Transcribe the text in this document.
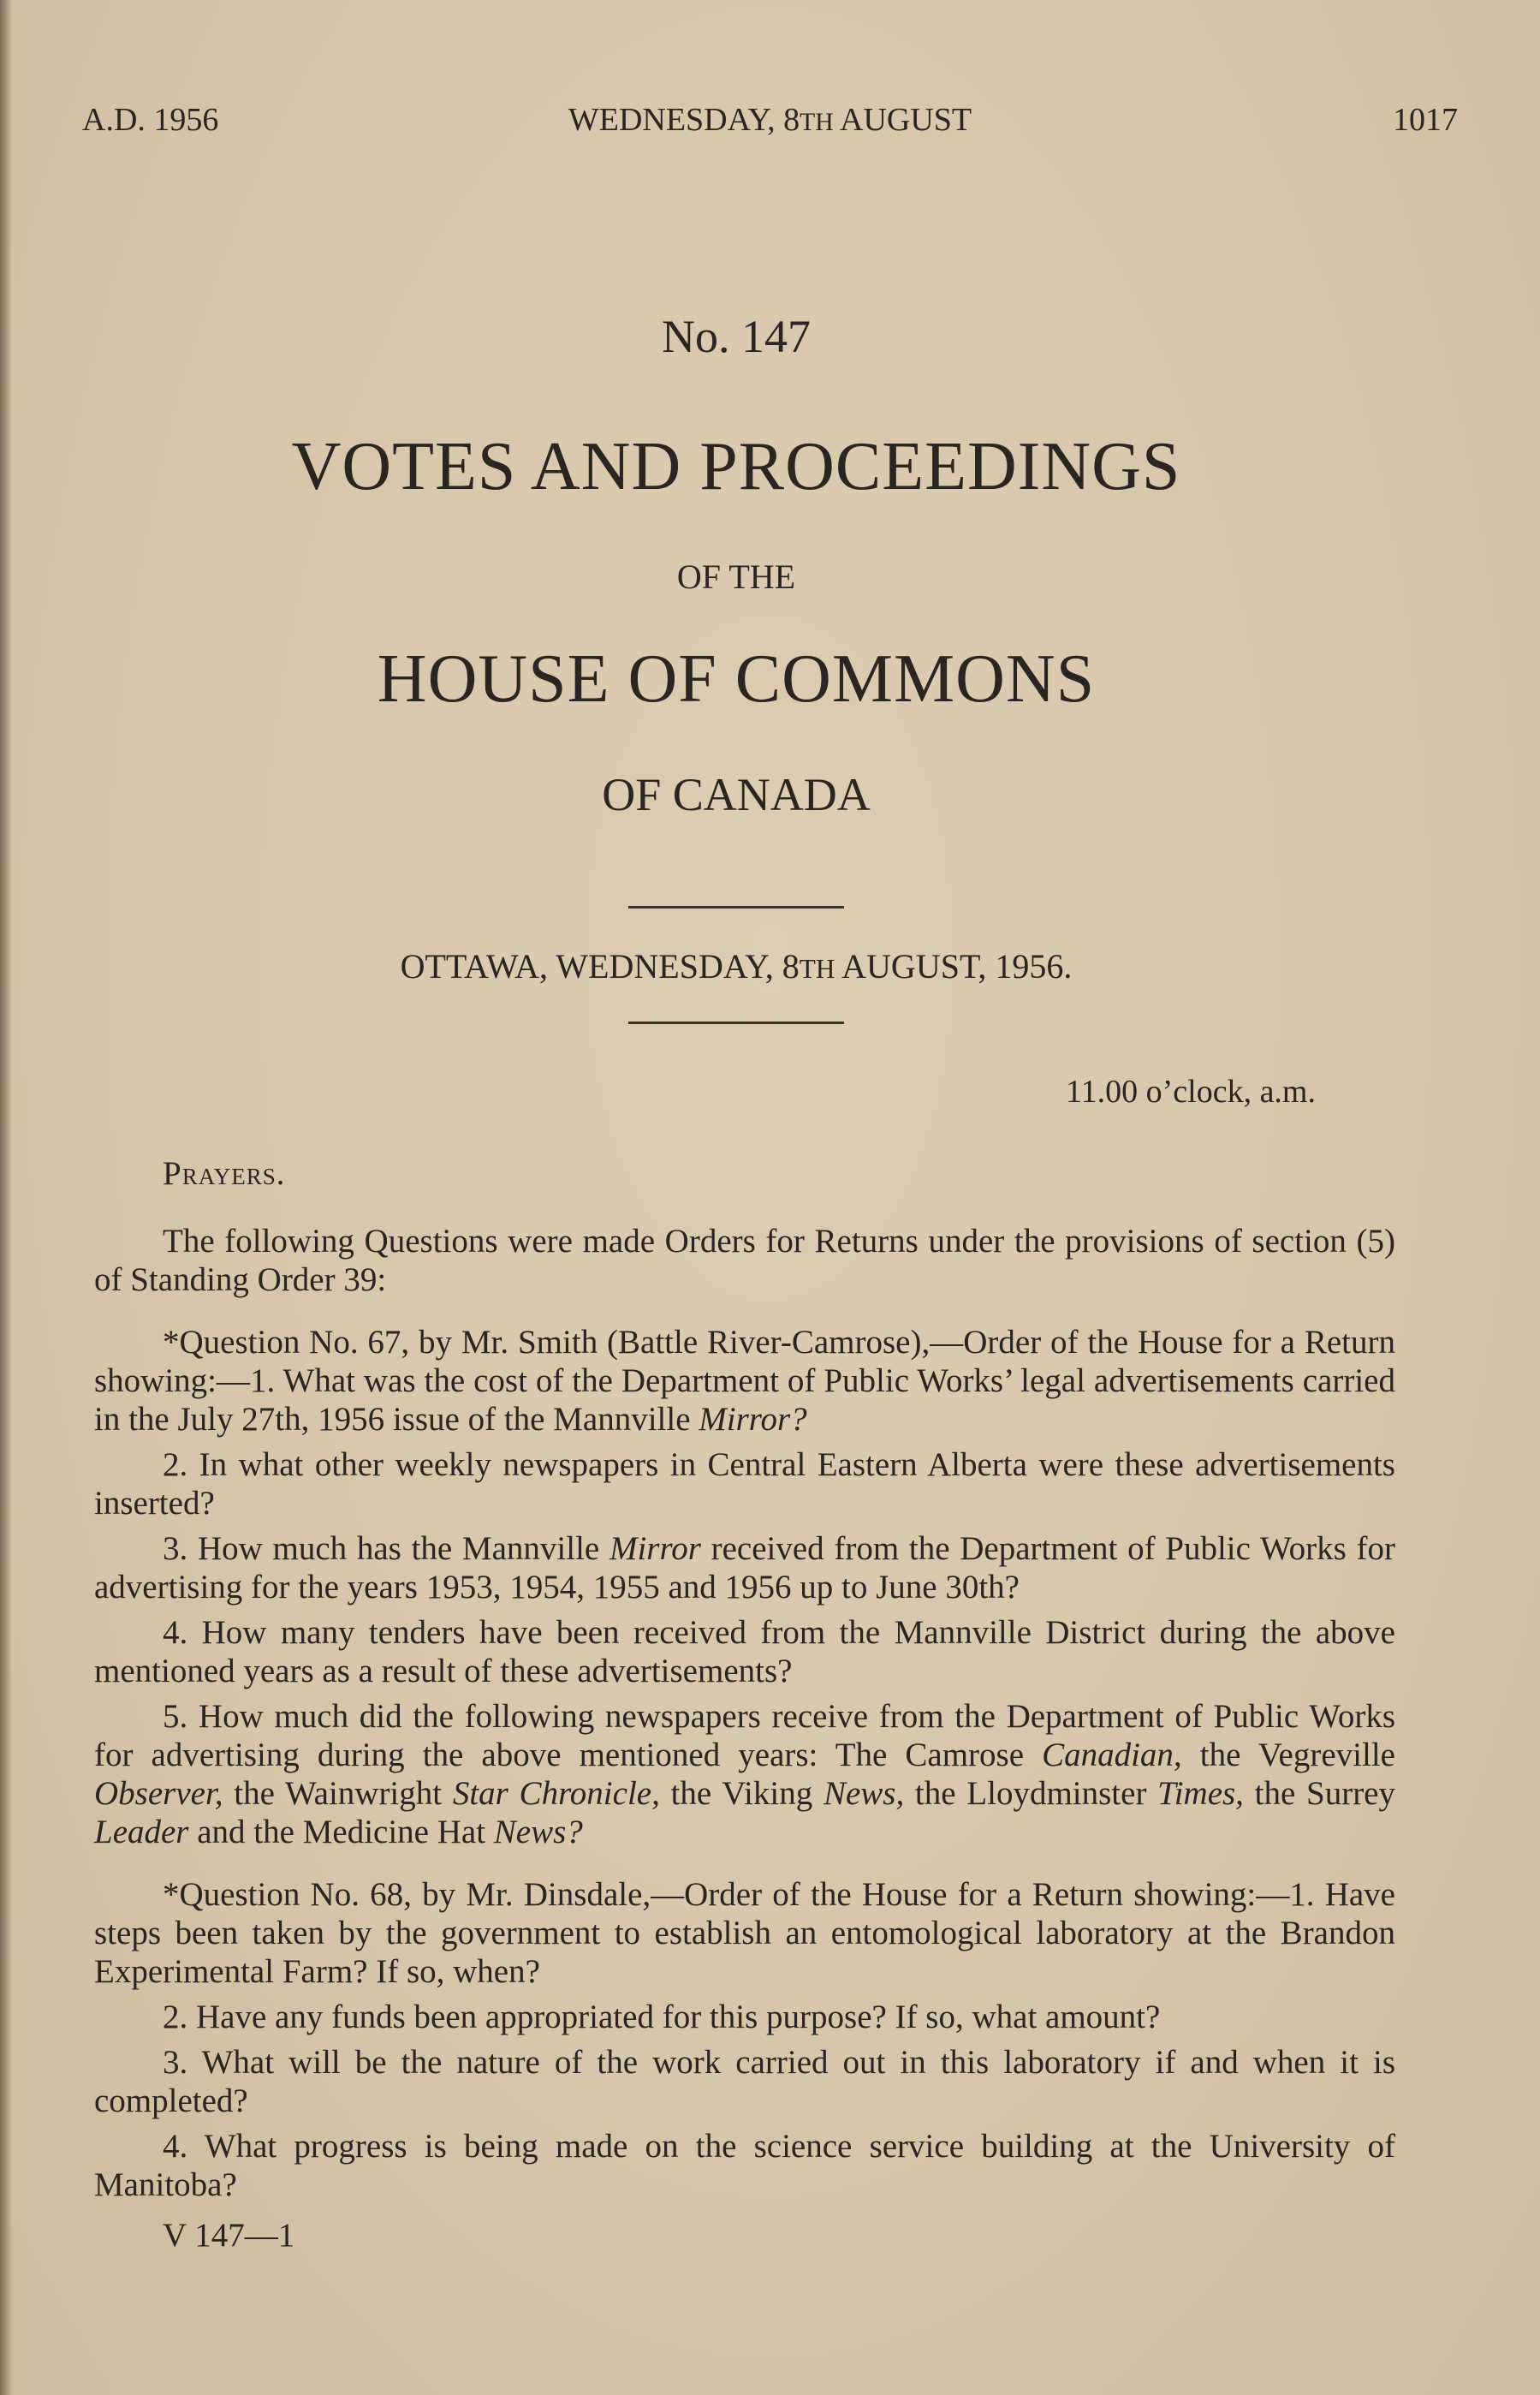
A.D. 1956	WEDNESDAY, 8TH AUGUST	1017
No. 147
VOTES AND PROCEEDINGS
OF THE
HOUSE OF COMMONS
OF CANADA
OTTAWA, WEDNESDAY, 8TH AUGUST, 1956.
11.00 o’clock, a.m.

Prayers.

The following Questions were made Orders for Returns under the provisions of section (5) of Standing Order 39:

*Question No. 67, by Mr. Smith (Battle River-Camrose),—Order of the House for a Return showing:—1. What was the cost of the Department of Public Works’ legal advertisements carried in the July 27th, 1956 issue of the Mannville Mirror?

2. In what other weekly newspapers in Central Eastern Alberta were these advertisements inserted?

3. How much has the Mannville Mirror received from the Department of Public Works for advertising for the years 1953, 1954, 1955 and 1956 up to June 30th?

4. How many tenders have been received from the Mannville District during the above mentioned years as a result of these advertisements?

5. How much did the following newspapers receive from the Department of Public Works for advertising during the above mentioned years: The Camrose Canadian, the Vegreville Observer, the Wainwright Star Chronicle, the Viking News, the Lloydminster Times, the Surrey Leader and the Medicine Hat News?

*Question No. 68, by Mr. Dinsdale,—Order of the House for a Return showing:—1. Have steps been taken by the government to establish an entomological laboratory at the Brandon Experimental Farm? If so, when?

2. Have any funds been appropriated for this purpose? If so, what amount?

3. What will be the nature of the work carried out in this laboratory if and when it is completed?

4. What progress is being made on the science service building at the University of Manitoba?

V 147—1
